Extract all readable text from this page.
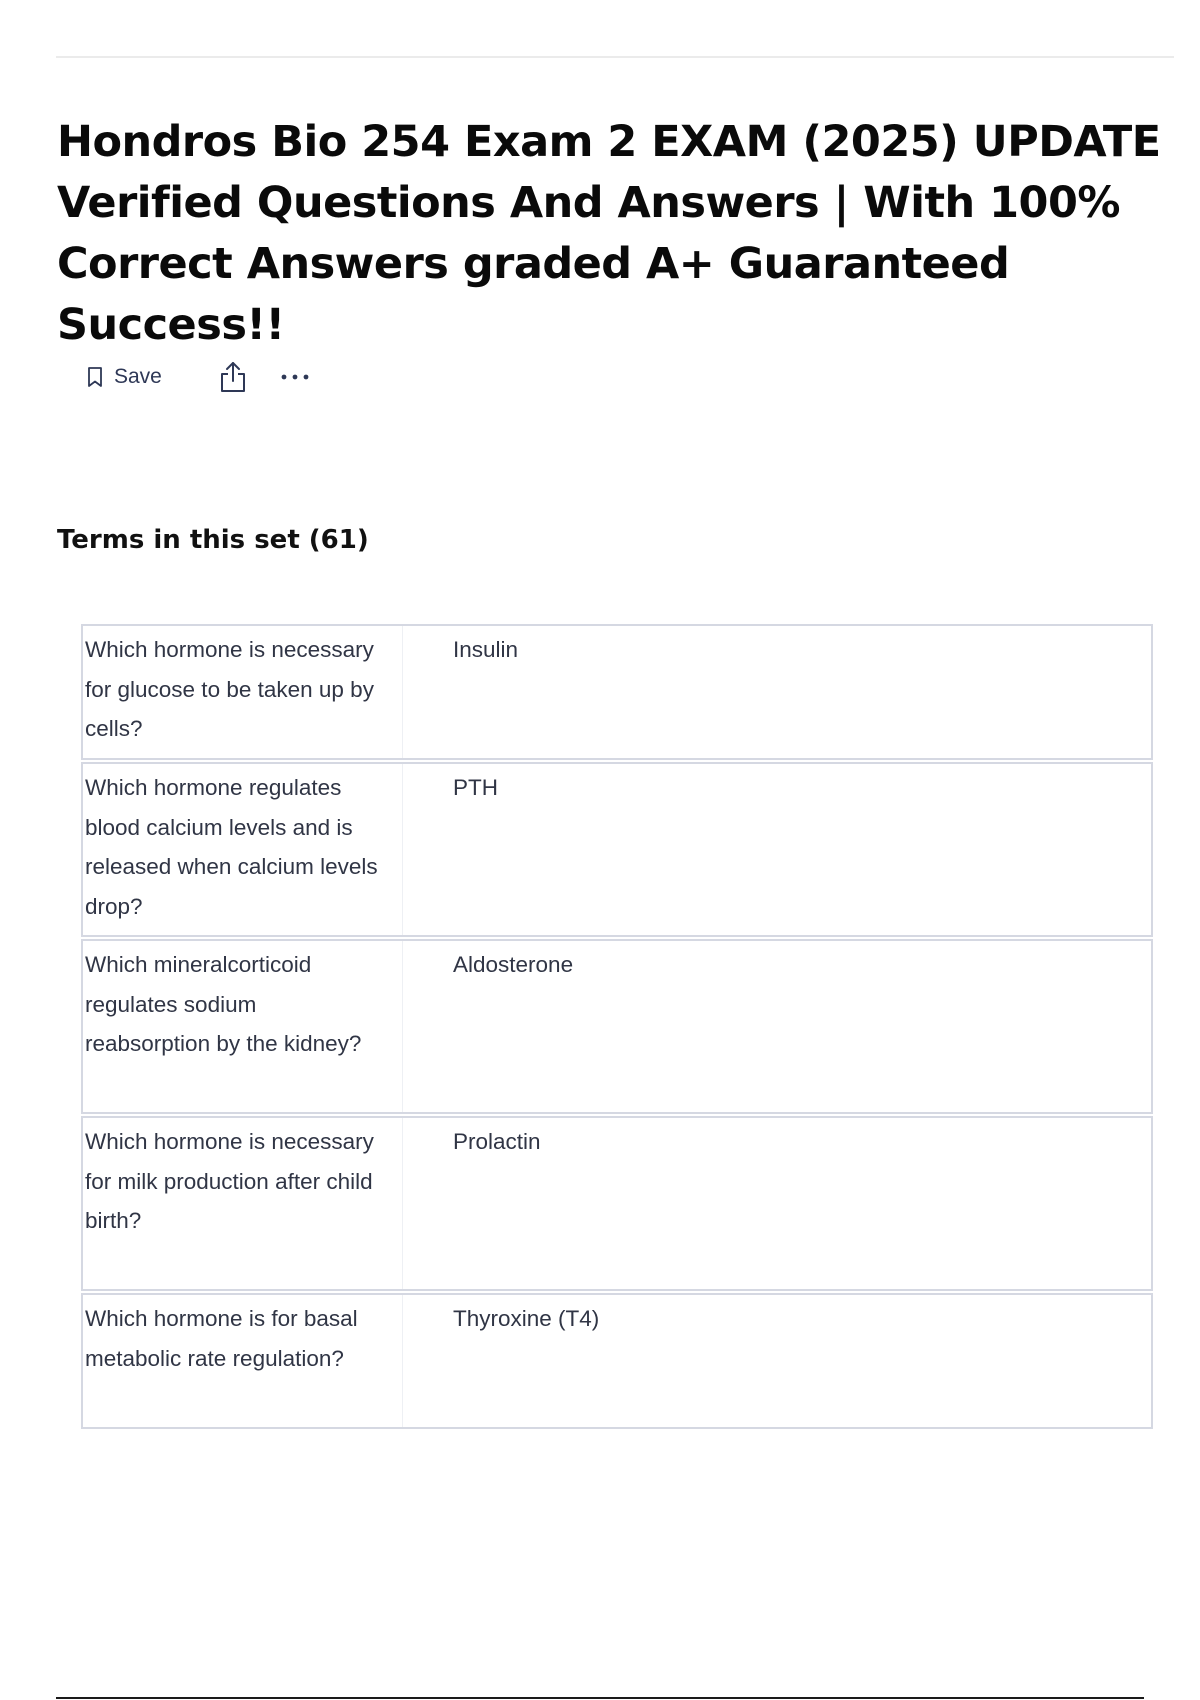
Hondros Bio 254 Exam 2 EXAM (2025) UPDATE Verified Questions And Answers | With 100% Correct Answers graded A+ Guaranteed Success!!
Save
Terms in this set (61)
Which hormone is necessary for glucose to be taken up by cells?
Insulin
Which hormone regulates blood calcium levels and is released when calcium levels drop?
PTH
Which mineralcorticoid regulates sodium reabsorption by the kidney?
Aldosterone
Which hormone is necessary for milk production after child birth?
Prolactin
Which hormone is for basal metabolic rate regulation?
Thyroxine (T4)
